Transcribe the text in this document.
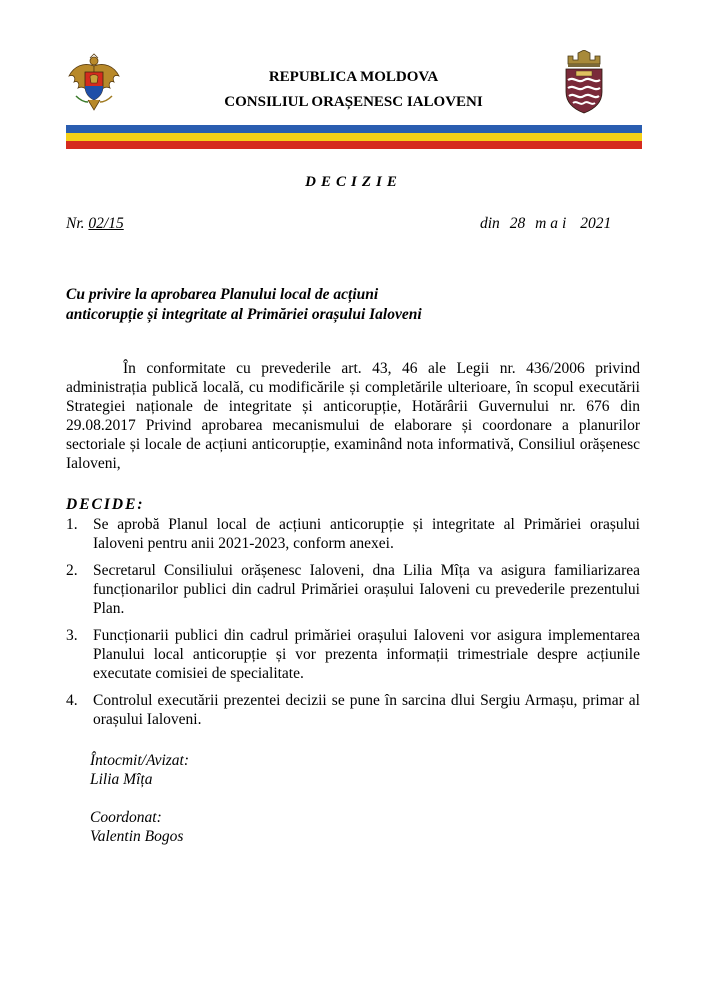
REPUBLICA MOLDOVA
CONSILIUL ORAȘENESC IALOVENI
DECIZIE
Nr. 02/15	din 28 mai 2021
Cu privire la aprobarea Planului local de acțiuni
anticorupție și integritate al Primăriei orașului Ialoveni
În conformitate cu prevederile art. 43, 46 ale Legii nr. 436/2006 privind administrația publică locală, cu modificările și completările ulterioare, în scopul executării Strategiei naționale de integritate și anticorupție, Hotărârii Guvernului nr. 676 din 29.08.2017 Privind aprobarea mecanismului de elaborare și coordonare a planurilor sectoriale și locale de acțiuni anticorupție, examinând nota informativă, Consiliul orășenesc Ialoveni,
DECIDE:
1. Se aprobă Planul local de acțiuni anticorupție și integritate al Primăriei orașului Ialoveni pentru anii 2021-2023, conform anexei.
2. Secretarul Consiliului orășenesc Ialoveni, dna Lilia Mîța va asigura familiarizarea funcționarilor publici din cadrul Primăriei orașului Ialoveni cu prevederile prezentului Plan.
3. Funcționarii publici din cadrul primăriei orașului Ialoveni vor asigura implementarea Planului local anticorupție și vor prezenta informații trimestriale despre acțiunile executate comisiei de specialitate.
4. Controlul executării prezentei decizii se pune în sarcina dlui Sergiu Armașu, primar al orașului Ialoveni.
Întocmit/Avizat:
Lilia Mîța
Coordonat:
Valentin Bogos
